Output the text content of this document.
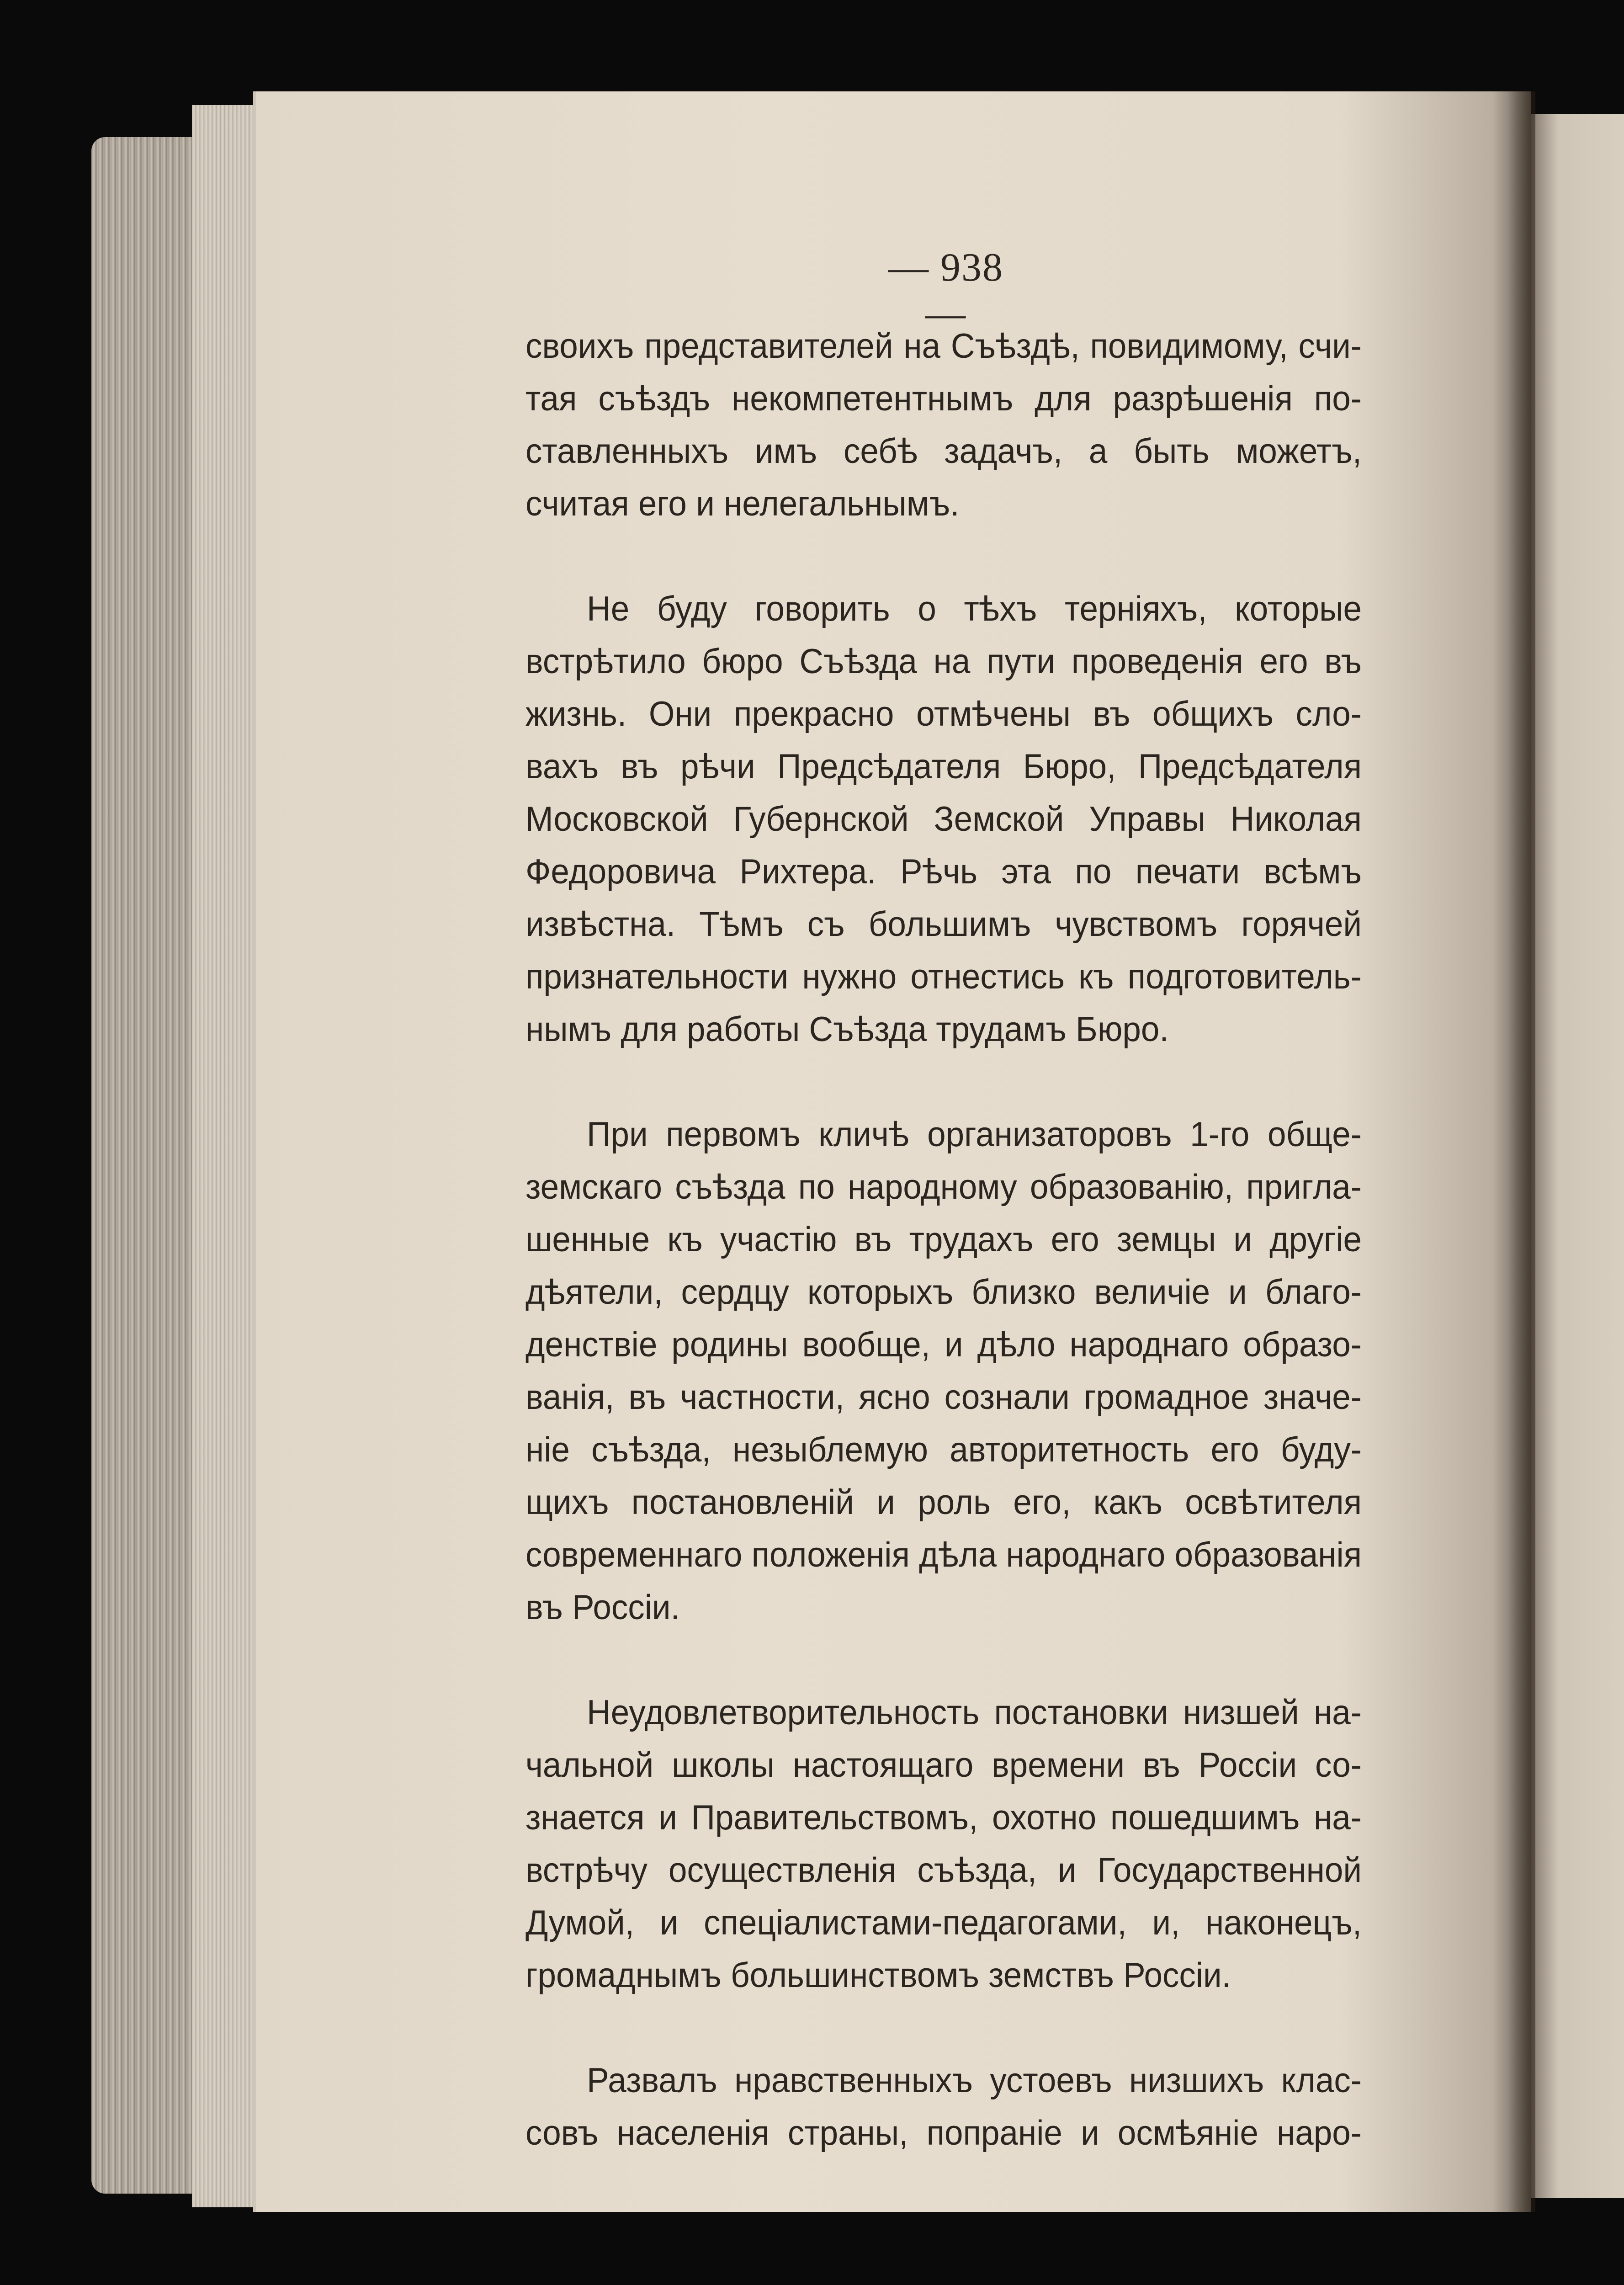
— 938 —
своихъ представителей на Съѣздѣ, повидимому, счи-
тая съѣздъ некомпетентнымъ для разрѣшенія по-
ставленныхъ имъ себѣ задачъ, а быть можетъ,
считая его и нелегальнымъ.
Не буду говорить о тѣхъ терніяхъ, которые
встрѣтило бюро Съѣзда на пути проведенія его въ
жизнь. Они прекрасно отмѣчены въ общихъ сло-
вахъ въ рѣчи Предсѣдателя Бюро, Предсѣдателя
Московской Губернской Земской Управы Николая
Федоровича Рихтера. Рѣчь эта по печати всѣмъ
извѣстна. Тѣмъ съ большимъ чувствомъ горячей
признательности нужно отнестись къ подготовитель-
нымъ для работы Съѣзда трудамъ Бюро.
При первомъ кличѣ организаторовъ 1-го обще-
земскаго съѣзда по народному образованію, пригла-
шенные къ участію въ трудахъ его земцы и другіе
дѣятели, сердцу которыхъ близко величіе и благо-
денствіе родины вообще, и дѣло народнаго образо-
ванія, въ частности, ясно сознали громадное значе-
ніе съѣзда, незыблемую авторитетность его буду-
щихъ постановленій и роль его, какъ освѣтителя
современнаго положенія дѣла народнаго образованія
въ Россіи.
Неудовлетворительность постановки низшей на-
чальной школы настоящаго времени въ Россіи со-
знается и Правительствомъ, охотно пошедшимъ на-
встрѣчу осуществленія съѣзда, и Государственной
Думой, и спеціалистами-педагогами, и, наконецъ,
громаднымъ большинствомъ земствъ Россіи.
Развалъ нравственныхъ устоевъ низшихъ клас-
совъ населенія страны, попраніе и осмѣяніе наро-
